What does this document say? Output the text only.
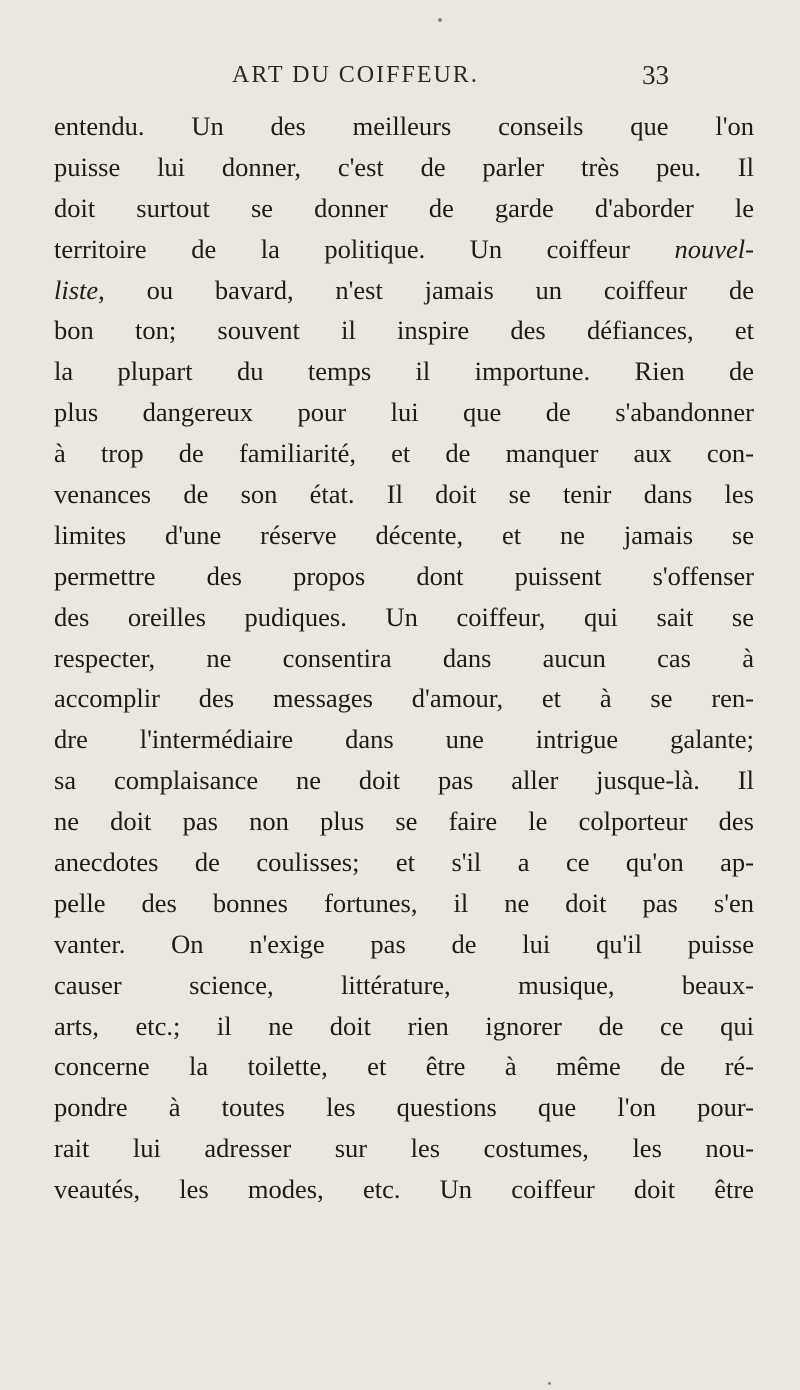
ART DU COIFFEUR.	33
entendu. Un des meilleurs conseils que l'on
puisse lui donner, c'est de parler très peu. Il
doit surtout se donner de garde d'aborder le
territoire de la politique. Un coiffeur nouvel-
liste, ou bavard, n'est jamais un coiffeur de
bon ton; souvent il inspire des défiances, et
la plupart du temps il importune. Rien de
plus dangereux pour lui que de s'abandonner
à trop de familiarité, et de manquer aux con-
venances de son état. Il doit se tenir dans les
limites d'une réserve décente, et ne jamais se
permettre des propos dont puissent s'offenser
des oreilles pudiques. Un coiffeur, qui sait se
respecter, ne consentira dans aucun cas à
accomplir des messages d'amour, et à se ren-
dre l'intermédiaire dans une intrigue galante;
sa complaisance ne doit pas aller jusque-là. Il
ne doit pas non plus se faire le colporteur des
anecdotes de coulisses; et s'il a ce qu'on ap-
pelle des bonnes fortunes, il ne doit pas s'en
vanter. On n'exige pas de lui qu'il puisse
causer science, littérature, musique, beaux-
arts, etc.; il ne doit rien ignorer de ce qui
concerne la toilette, et être à même de ré-
pondre à toutes les questions que l'on pour-
rait lui adresser sur les costumes, les nou-
veautés, les modes, etc. Un coiffeur doit être
